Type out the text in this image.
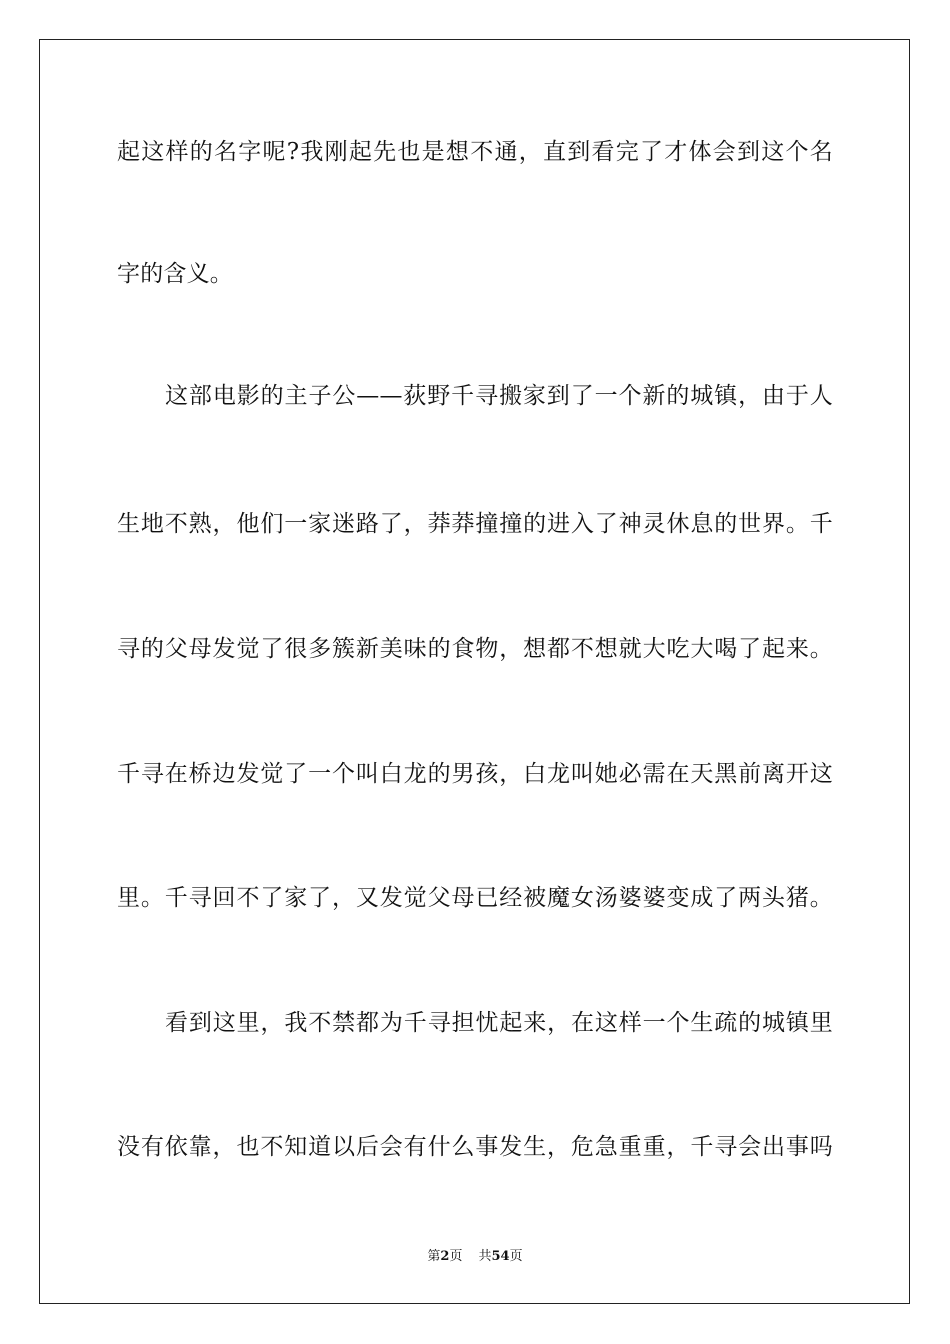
起这样的名字呢?我刚起先也是想不通，直到看完了才体会到这个名
字的含义。
这部电影的主子公——荻野千寻搬家到了一个新的城镇，由于人
生地不熟，他们一家迷路了，莽莽撞撞的进入了神灵休息的世界。千
寻的父母发觉了很多簇新美味的食物，想都不想就大吃大喝了起来。
千寻在桥边发觉了一个叫白龙的男孩，白龙叫她必需在天黑前离开这
里。千寻回不了家了，又发觉父母已经被魔女汤婆婆变成了两头猪。
看到这里，我不禁都为千寻担忧起来，在这样一个生疏的城镇里
没有依靠，也不知道以后会有什么事发生，危急重重，千寻会出事吗
第2页 共54页
